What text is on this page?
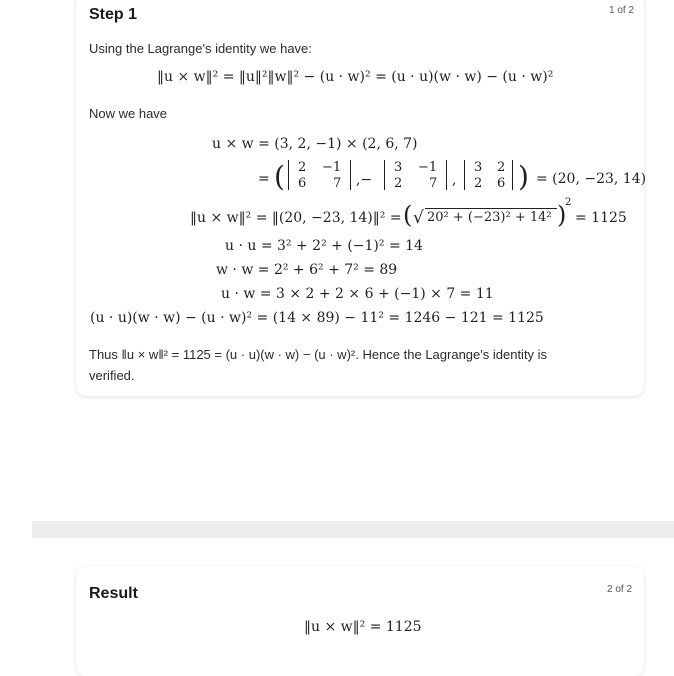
Step 1	1 of 2
Using the Lagrange's identity we have:
‖u × w‖² = ‖u‖²‖w‖² − (u · w)² = (u · u)(w · w) − (u · w)²
Now we have
u × w = (3, 2, −1) × (2, 6, 7)
= ( 2 −1
6 7 ,−
3 −1
2 7 ,
3 2
2 6 ) = (20, −23, 14)
‖u × w‖² = ‖(20, −23, 14)‖² = ( √ 20² + (−23)² + 14² )
2
= 1125
u · u = 3² + 2² + (−1)² = 14
w · w = 2² + 6² + 7² = 89
u · w = 3 × 2 + 2 × 6 + (−1) × 7 = 11
(u · u)(w · w) − (u · w)² = (14 × 89) − 11² = 1246 − 121 = 1125
Thus ‖u × w‖² = 1125 = (u · u)(w · w) − (u · w)². Hence the Lagrange's identity is
verified.
Result	2 of 2
‖u × w‖² = 1125
